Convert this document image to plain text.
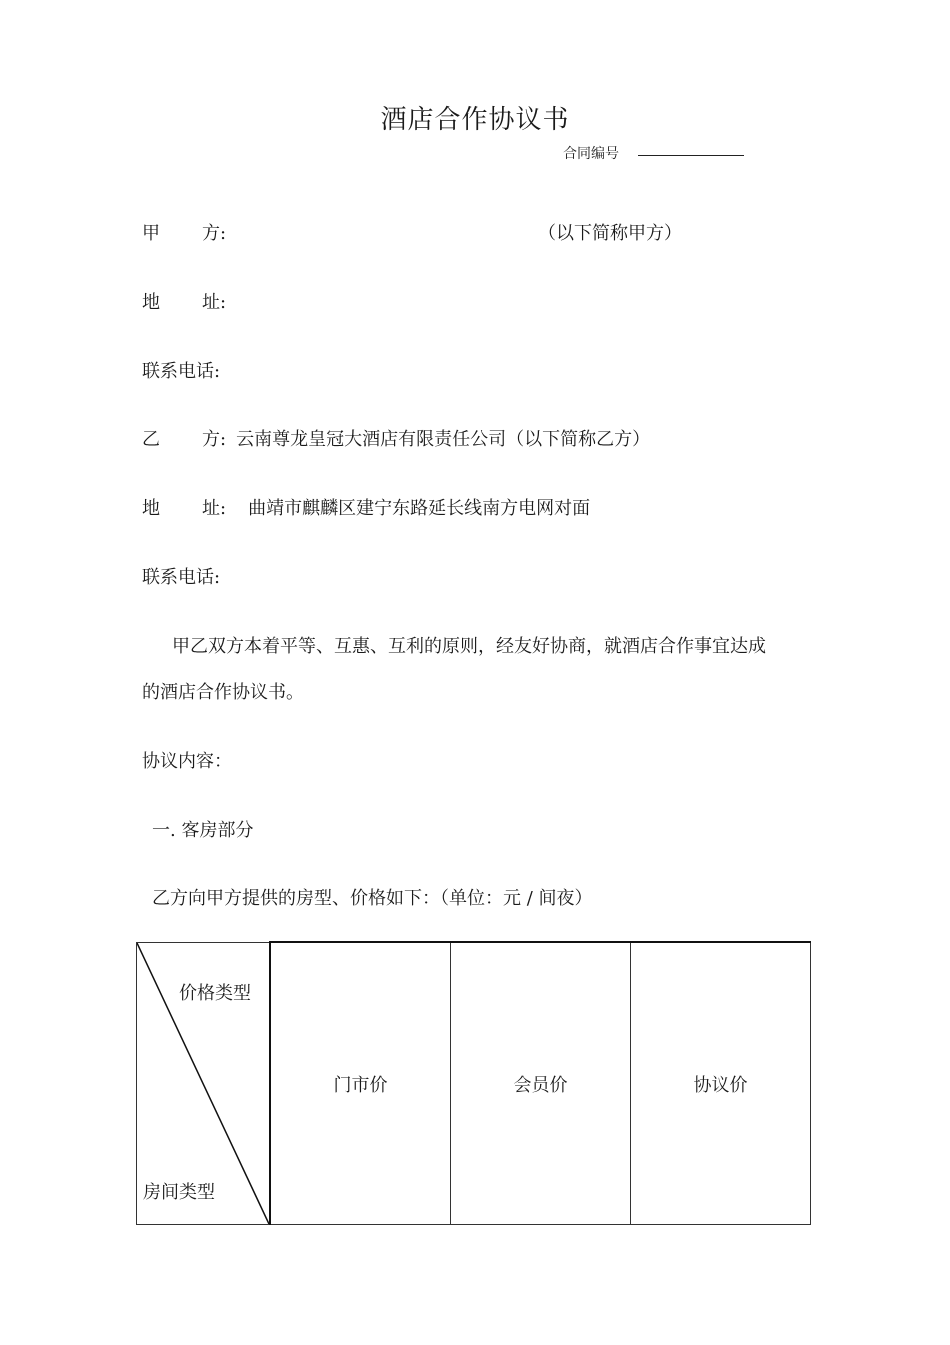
酒店合作协议书
合同编号
甲 方:	（以下简称甲方）
地 址:
联系电话:
乙 方: 云南尊龙皇冠大酒店有限责任公司（以下简称乙方）
地 址: 曲靖市麒麟区建宁东路延长线南方电网对面
联系电话:
甲乙双方本着平等、互惠、互利的原则，经友好协商，就酒店合作事宜达成
的酒店合作协议书。
协议内容：
一. 客房部分
乙方向甲方提供的房型、价格如下：（单位：元 / 间夜）
价格类型
房间类型
	门市价	会员价	协议价
